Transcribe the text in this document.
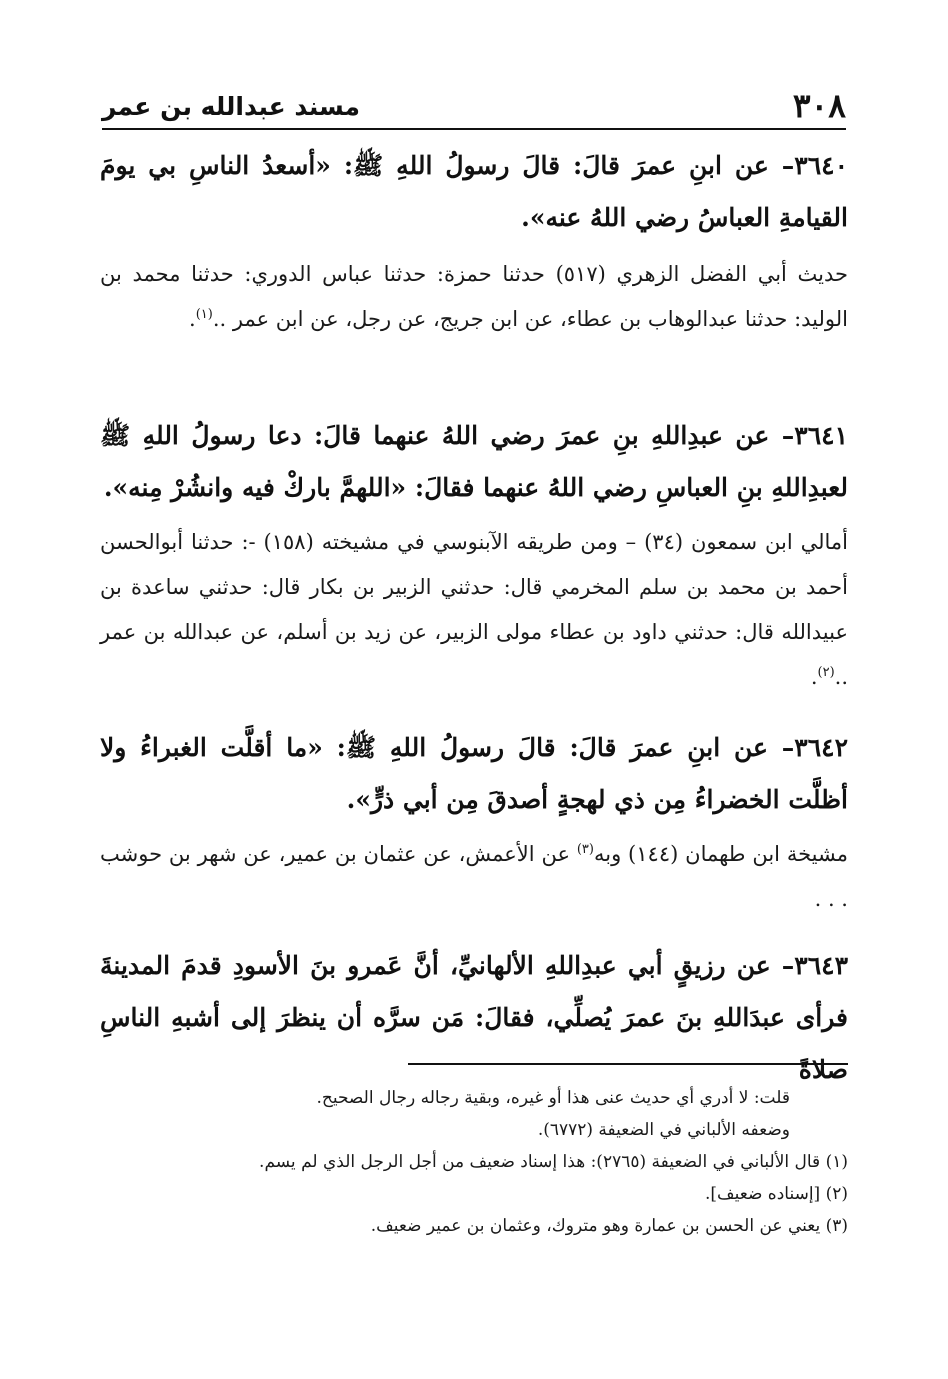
٣٠٨
مسند عبدالله بن عمر
٣٦٤٠– عن ابنِ عمرَ قالَ: قالَ رسولُ اللهِ ﷺ: «أسعدُ الناسِ بي يومَ القيامةِ العباسُ رضي اللهُ عنه».
حديث أبي الفضل الزهري (٥١٧) حدثنا حمزة: حدثنا عباس الدوري: حدثنا محمد بن الوليد: حدثنا عبدالوهاب بن عطاء، عن ابن جريج، عن رجل، عن ابن عمر ..$^{(١)}$.
٣٦٤١– عن عبدِاللهِ بنِ عمرَ رضي اللهُ عنهما قالَ: دعا رسولُ اللهِ ﷺ لعبدِاللهِ بنِ العباسِ رضي اللهُ عنهما فقالَ: «اللهمَّ باركْ فيه وانشُرْ مِنه».
أمالي ابن سمعون (٣٤) – ومن طريقه الآبنوسي في مشيخته (١٥٨) -: حدثنا أبوالحسن أحمد بن محمد بن سلم المخرمي قال: حدثني الزبير بن بكار قال: حدثني ساعدة بن عبيدالله قال: حدثني داود بن عطاء مولى الزبير، عن زيد بن أسلم، عن عبدالله بن عمر ..$^{(٢)}$.
٣٦٤٢– عن ابنِ عمرَ قالَ: قالَ رسولُ اللهِ ﷺ: «ما أقلَّت الغبراءُ ولا أظلَّت الخضراءُ مِن ذي لهجةٍ أصدقَ مِن أبي ذرٍّ».
مشيخة ابن طهمان (١٤٤) وبه$^{(٣)}$ عن الأعمش، عن عثمان بن عمير، عن شهر بن حوشب . . .
٣٦٤٣– عن رزيقٍ أبي عبدِاللهِ الألهانيِّ، أنَّ عَمرو بنَ الأسودِ قدمَ المدينةَ فرأى عبدَاللهِ بنَ عمرَ يُصلِّي، فقالَ: مَن سرَّه أن ينظرَ إلى أشبهِ الناسِ صلاةً
قلت: لا أدري أي حديث عنى هذا أو غيره، وبقية رجاله رجال الصحيح.
وضعفه الألباني في الضعيفة (٦٧٧٢).
(١) قال الألباني في الضعيفة (٢٧٦٥): هذا إسناد ضعيف من أجل الرجل الذي لم يسم.
(٢) [إسناده ضعيف].
(٣) يعني عن الحسن بن عمارة وهو متروك، وعثمان بن عمير ضعيف.
